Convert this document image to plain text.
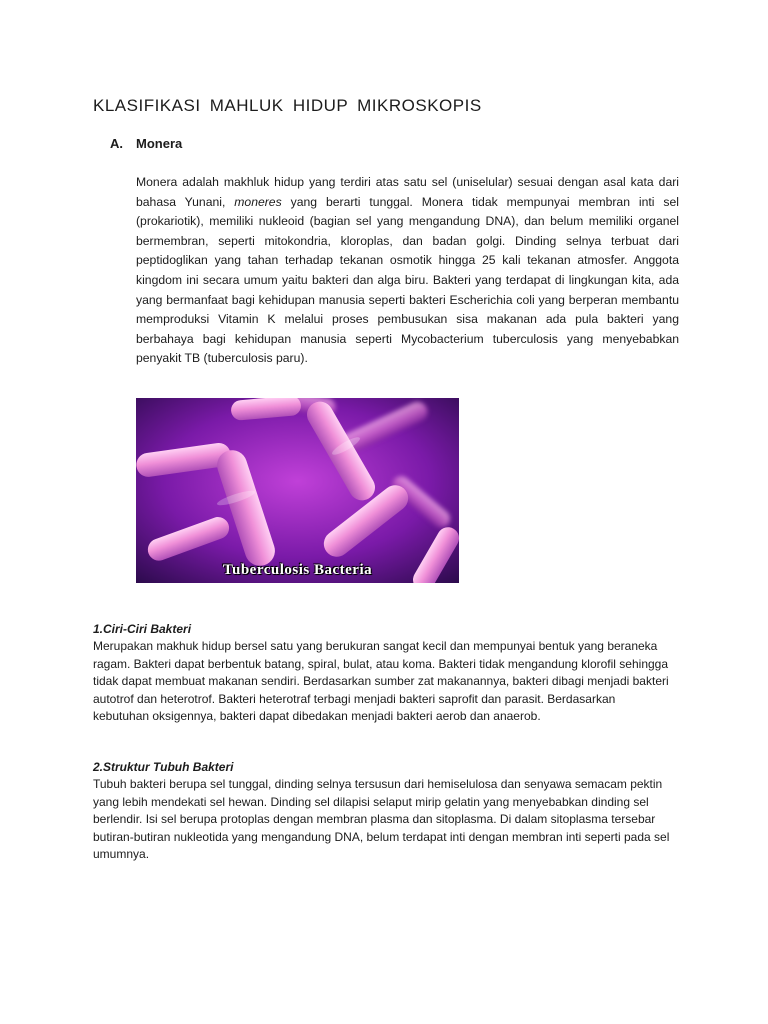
KLASIFIKASI MAHLUK HIDUP MIKROSKOPIS
A. Monera
Monera adalah makhluk hidup yang terdiri atas satu sel (uniselular) sesuai dengan asal kata dari bahasa Yunani, moneres yang berarti tunggal. Monera tidak mempunyai membran inti sel (prokariotik), memiliki nukleoid (bagian sel yang mengandung DNA), dan belum memiliki organel bermembran, seperti mitokondria, kloroplas, dan badan golgi. Dinding selnya terbuat dari peptidoglikan yang tahan terhadap tekanan osmotik hingga 25 kali tekanan atmosfer. Anggota kingdom ini secara umum yaitu bakteri dan alga biru. Bakteri yang terdapat di lingkungan kita, ada yang bermanfaat bagi kehidupan manusia seperti bakteri Escherichia coli yang berperan membantu memproduksi Vitamin K melalui proses pembusukan sisa makanan ada pula bakteri yang berbahaya bagi kehidupan manusia seperti Mycobacterium tuberculosis yang menyebabkan penyakit TB (tuberculosis paru).
Tuberculosis Bacteria
1.Ciri-Ciri Bakteri
Merupakan makhuk hidup bersel satu yang berukuran sangat kecil dan mempunyai bentuk yang beraneka ragam. Bakteri dapat berbentuk batang, spiral, bulat, atau koma. Bakteri tidak mengandung klorofil sehingga tidak dapat membuat makanan sendiri. Berdasarkan sumber zat makanannya, bakteri dibagi menjadi bakteri autotrof dan heterotrof. Bakteri heterotraf terbagi menjadi bakteri saprofit dan parasit. Berdasarkan kebutuhan oksigennya, bakteri dapat dibedakan menjadi bakteri aerob dan anaerob.
2.Struktur Tubuh Bakteri
Tubuh bakteri berupa sel tunggal, dinding selnya tersusun dari hemiselulosa dan senyawa semacam pektin yang lebih mendekati sel hewan. Dinding sel dilapisi selaput mirip gelatin yang menyebabkan dinding sel berlendir. Isi sel berupa protoplas dengan membran plasma dan sitoplasma. Di dalam sitoplasma tersebar butiran-butiran nukleotida yang mengandung DNA, belum terdapat inti dengan membran inti seperti pada sel umumnya.
